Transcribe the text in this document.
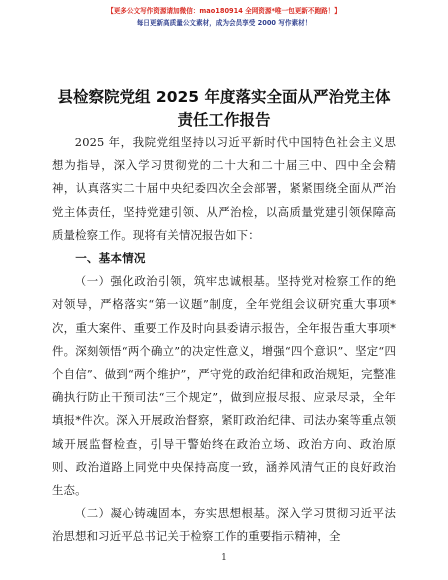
【更多公文写作资源请加微信：mao180914 全网资源*唯一包更新不跑路！】
每日更新高质量公文素材，成为会员享受 2000 写作素材！
县检察院党组 2025 年度落实全面从严治党主体
责任工作报告

2025 年，我院党组坚持以习近平新时代中国特色社会主义思想为指导，深入学习贯彻党的二十大和二十届三中、四中全会精神，认真落实二十届中央纪委四次全会部署，紧紧围绕全面从严治党主体责任，坚持党建引领、从严治检，以高质量党建引领保障高质量检察工作。现将有关情况报告如下：

一、基本情况

（一）强化政治引领，筑牢忠诚根基。坚持党对检察工作的绝对领导，严格落实“第一议题”制度，全年党组会议研究重大事项*次，重大案件、重要工作及时向县委请示报告，全年报告重大事项*件。深刻领悟“两个确立”的决定性意义，增强“四个意识”、坚定“四个自信”、做到“两个维护”，严守党的政治纪律和政治规矩，完整准确执行防止干预司法“三个规定”，做到应报尽报、应录尽录，全年填报*件次。深入开展政治督察，紧盯政治纪律、司法办案等重点领域开展监督检查，引导干警始终在政治立场、政治方向、政治原则、政治道路上同党中央保持高度一致，涵养风清气正的良好政治生态。

（二）凝心铸魂固本，夯实思想根基。深入学习贯彻习近平法治思想和习近平总书记关于检察工作的重要指示精神，全

1
